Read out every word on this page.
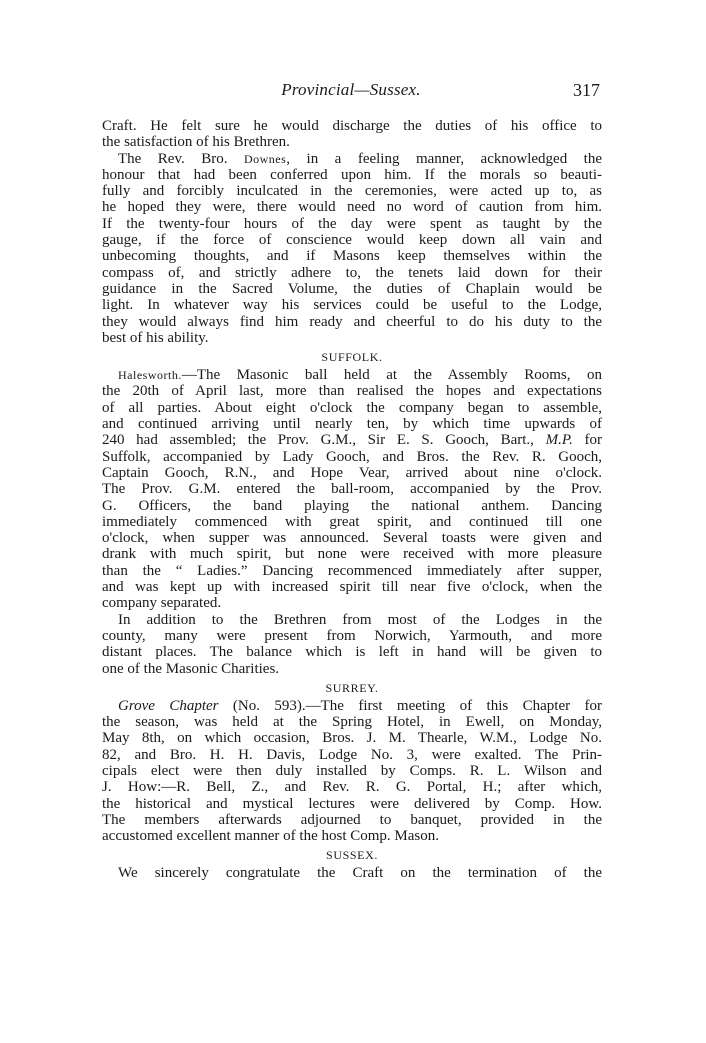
Provincial—Sussex.	317

Craft. He felt sure he would discharge the duties of his office to

the satisfaction of his Brethren.

The Rev. Bro. Downes, in a feeling manner, acknowledged the

honour that had been conferred upon him. If the morals so beauti-

fully and forcibly inculcated in the ceremonies, were acted up to, as

he hoped they were, there would need no word of caution from him.

If the twenty-four hours of the day were spent as taught by the

gauge, if the force of conscience would keep down all vain and

unbecoming thoughts, and if Masons keep themselves within the

compass of, and strictly adhere to, the tenets laid down for their

guidance in the Sacred Volume, the duties of Chaplain would be

light. In whatever way his services could be useful to the Lodge,

they would always find him ready and cheerful to do his duty to the

best of his ability.

SUFFOLK.

Halesworth.—The Masonic ball held at the Assembly Rooms, on

the 20th of April last, more than realised the hopes and expectations

of all parties. About eight o'clock the company began to assemble,

and continued arriving until nearly ten, by which time upwards of

240 had assembled; the Prov. G.M., Sir E. S. Gooch, Bart., M.P. for

Suffolk, accompanied by Lady Gooch, and Bros. the Rev. R. Gooch,

Captain Gooch, R.N., and Hope Vear, arrived about nine o'clock.

The Prov. G.M. entered the ball-room, accompanied by the Prov.

G. Officers, the band playing the national anthem. Dancing

immediately commenced with great spirit, and continued till one

o'clock, when supper was announced. Several toasts were given and

drank with much spirit, but none were received with more pleasure

than the “ Ladies.” Dancing recommenced immediately after supper,

and was kept up with increased spirit till near five o'clock, when the

company separated.

In addition to the Brethren from most of the Lodges in the

county, many were present from Norwich, Yarmouth, and more

distant places. The balance which is left in hand will be given to

one of the Masonic Charities.

SURREY.

Grove Chapter (No. 593).—The first meeting of this Chapter for

the season, was held at the Spring Hotel, in Ewell, on Monday,

May 8th, on which occasion, Bros. J. M. Thearle, W.M., Lodge No.

82, and Bro. H. H. Davis, Lodge No. 3, were exalted. The Prin-

cipals elect were then duly installed by Comps. R. L. Wilson and

J. How:—R. Bell, Z., and Rev. R. G. Portal, H.; after which,

the historical and mystical lectures were delivered by Comp. How.

The members afterwards adjourned to banquet, provided in the

accustomed excellent manner of the host Comp. Mason.

SUSSEX.

We sincerely congratulate the Craft on the termination of the
